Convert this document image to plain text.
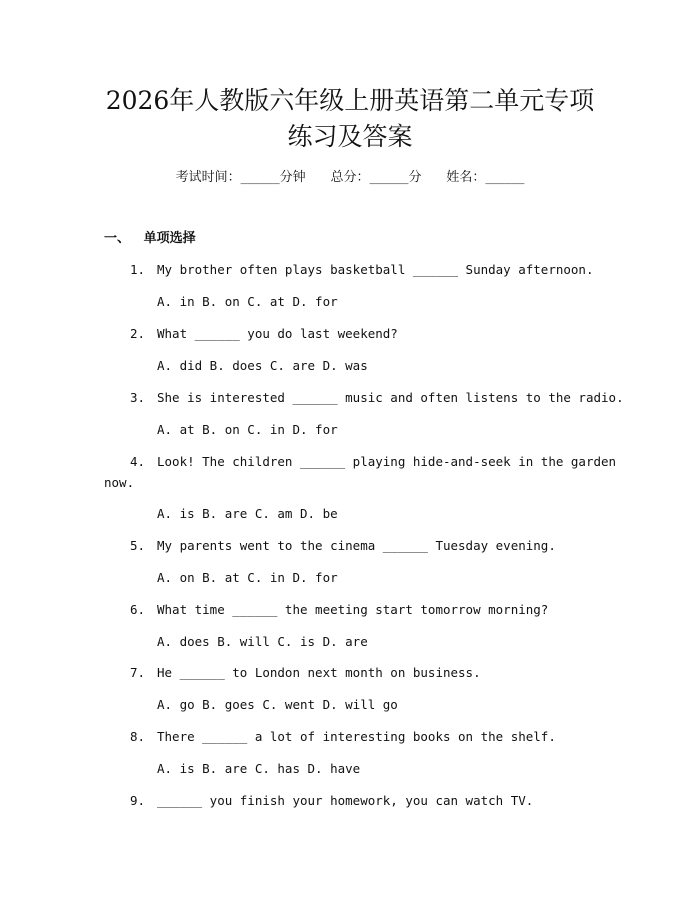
2026年人教版六年级上册英语第二单元专项
练习及答案
考试时间：______分钟 总分：______分 姓名：______
一、 单项选择
1. My brother often plays basketball ______ Sunday afternoon.
A. in B. on C. at D. for
2. What ______ you do last weekend?
A. did B. does C. are D. was
3. She is interested ______ music and often listens to the radio.
A. at B. on C. in D. for
4. Look! The children ______ playing hide-and-seek in the garden
now.
A. is B. are C. am D. be
5. My parents went to the cinema ______ Tuesday evening.
A. on B. at C. in D. for
6. What time ______ the meeting start tomorrow morning?
A. does B. will C. is D. are
7. He ______ to London next month on business.
A. go B. goes C. went D. will go
8. There ______ a lot of interesting books on the shelf.
A. is B. are C. has D. have
9. ______ you finish your homework, you can watch TV.
